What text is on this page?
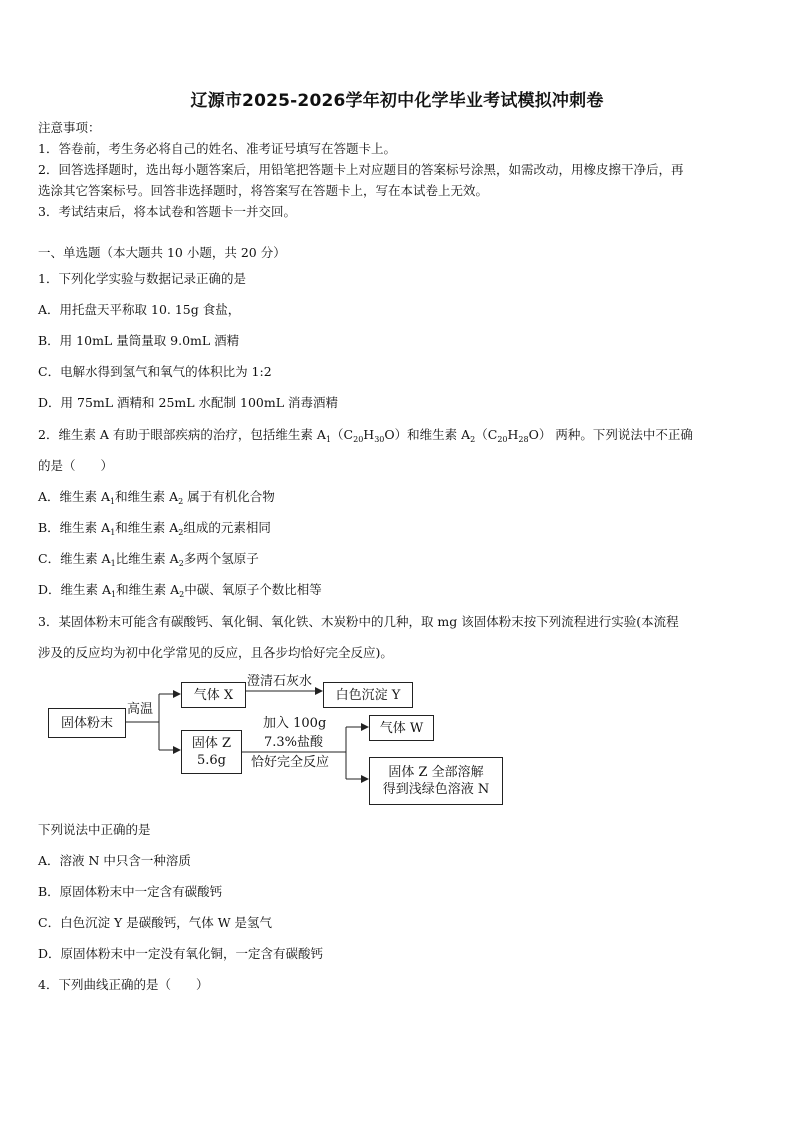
辽源市2025-2026学年初中化学毕业考试模拟冲刺卷
注意事项：
1．答卷前，考生务必将自己的姓名、准考证号填写在答题卡上。
2．回答选择题时，选出每小题答案后，用铅笔把答题卡上对应题目的答案标号涂黑，如需改动，用橡皮擦干净后，再
选涂其它答案标号。回答非选择题时，将答案写在答题卡上，写在本试卷上无效。
3．考试结束后，将本试卷和答题卡一并交回。
一、单选题（本大题共 10 小题，共 20 分）
1．下列化学实验与数据记录正确的是
A．用托盘天平称取 10. 15g 食盐，
B．用 10mL 量筒量取 9.0mL 酒精
C．电解水得到氢气和氧气的体积比为 1:2
D．用 75mL 酒精和 25mL 水配制 100mL 消毒酒精
2．维生素 A 有助于眼部疾病的治疗，包括维生素 $A_1(C_{20}H_{30}O)$和维生素 $A_2(C_{20}H_{28}O)$ 两种。下列说法中不正确
的是（　　）
A．维生素 $A_1$和维生素 $A_2$ 属于有机化合物
B．维生素 $A_1$和维生素 $A_2$组成的元素相同
C．维生素 $A_1$比维生素 $A_2$多两个氢原子
D．维生素 $A_1$和维生素 $A_2$中碳、氧原子个数比相等
3．某固体粉末可能含有碳酸钙、氧化铜、氧化铁、木炭粉中的几种，取 mg 该固体粉末按下列流程进行实验(本流程
涉及的反应均为初中化学常见的反应，且各步均恰好完全反应)。
固体粉末
高温
气体 X
澄清石灰水
白色沉淀 Y
固体 Z
5.6g
加入 100g
7.3%盐酸
恰好完全反应
气体 W
固体 Z 全部溶解
得到浅绿色溶液 N
下列说法中正确的是
A．溶液 N 中只含一种溶质
B．原固体粉末中一定含有碳酸钙
C．白色沉淀 Y 是碳酸钙，气体 W 是氢气
D．原固体粉末中一定没有氧化铜，一定含有碳酸钙
4．下列曲线正确的是（　　）
